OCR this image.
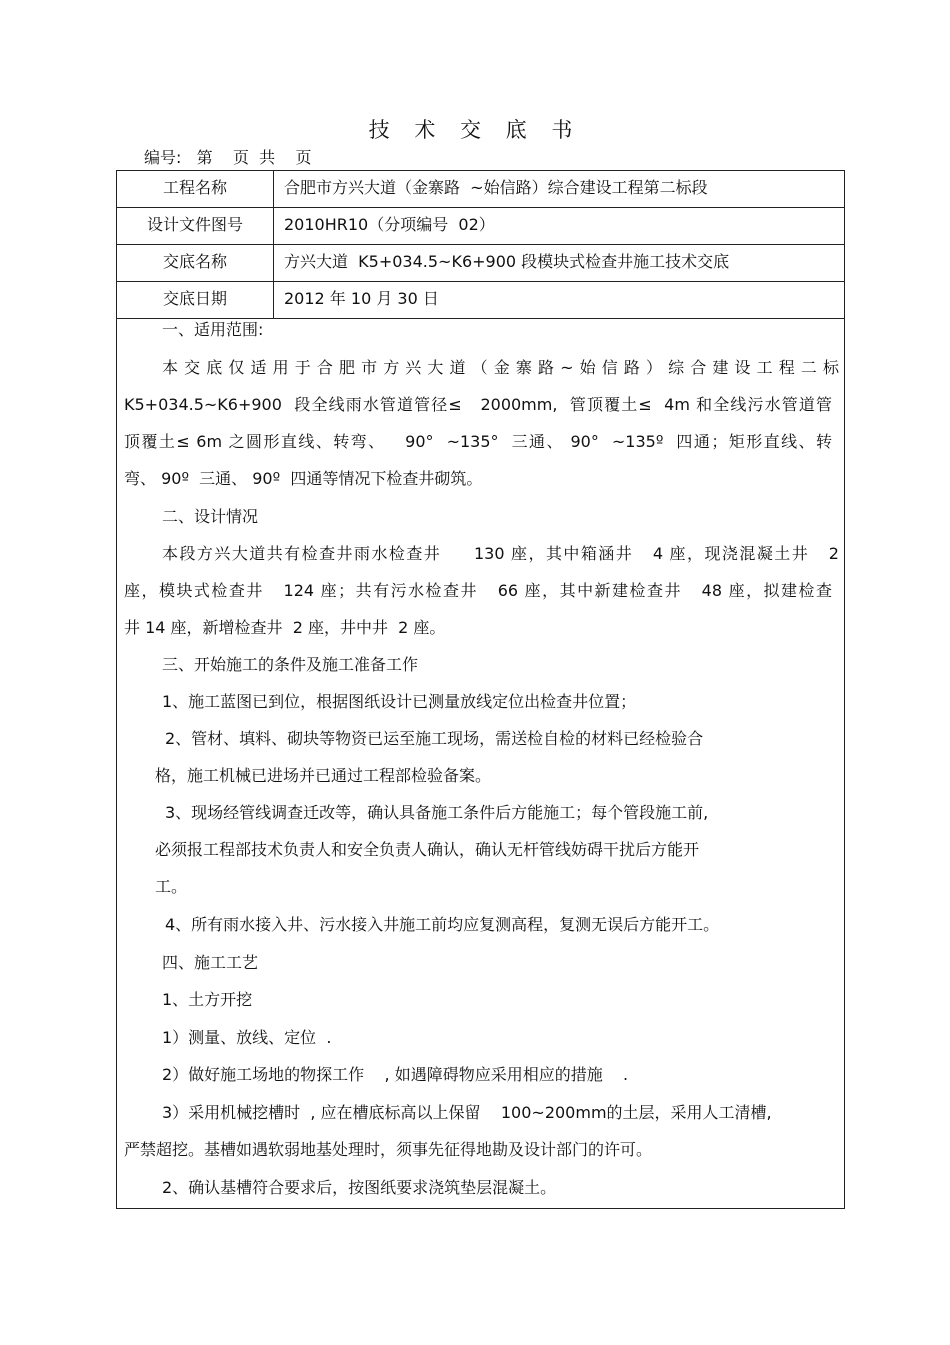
技 术 交 底 书
编号:   第    页  共    页
工程名称	合肥市方兴大道（金寨路  ~始信路）综合建设工程第二标段
设计文件图号	2010HR10（分项编号  02）
交底名称	方兴大道  K5+034.5~K6+900 段模块式检查井施工技术交底
交底日期	2012 年 10 月 30 日
一、适用范围:
本交底仅适用于合肥市方兴大道（金寨路~始信路）综合建设工程二标
K5+034.5~K6+900  段全线雨水管道管径≤   2000mm,  管顶覆土≤  4m 和全线污水管道管
顶覆土≤ 6m 之圆形直线、转弯、   90°  ~135°  三通、 90°  ~135º  四通；矩形直线、转
弯、 90º  三通、 90º  四通等情况下检查井砌筑。
二、设计情况
本段方兴大道共有检查井雨水检查井     130 座，其中箱涵井   4 座，现浇混凝土井   2
座，模块式检查井   124 座；共有污水检查井   66 座，其中新建检查井   48 座，拟建检查
井 14 座，新增检查井  2 座，井中井  2 座。
三、开始施工的条件及施工准备工作
1、施工蓝图已到位，根据图纸设计已测量放线定位出检查井位置；
2、管材、填料、砌块等物资已运至施工现场，需送检自检的材料已经检验合
格，施工机械已进场并已通过工程部检验备案。
3、现场经管线调查迁改等，确认具备施工条件后方能施工；每个管段施工前,
必须报工程部技术负责人和安全负责人确认，确认无杆管线妨碍干扰后方能开
工。
4、所有雨水接入井、污水接入井施工前均应复测高程，复测无误后方能开工。
四、施工工艺
1、土方开挖
1）测量、放线、定位  .
2）做好施工场地的物探工作    , 如遇障碍物应采用相应的措施    .
3）采用机械挖槽时  , 应在槽底标高以上保留    100~200mm的土层，采用人工清槽,
严禁超挖。基槽如遇软弱地基处理时，须事先征得地勘及设计部门的许可。
2、确认基槽符合要求后，按图纸要求浇筑垫层混凝土。
